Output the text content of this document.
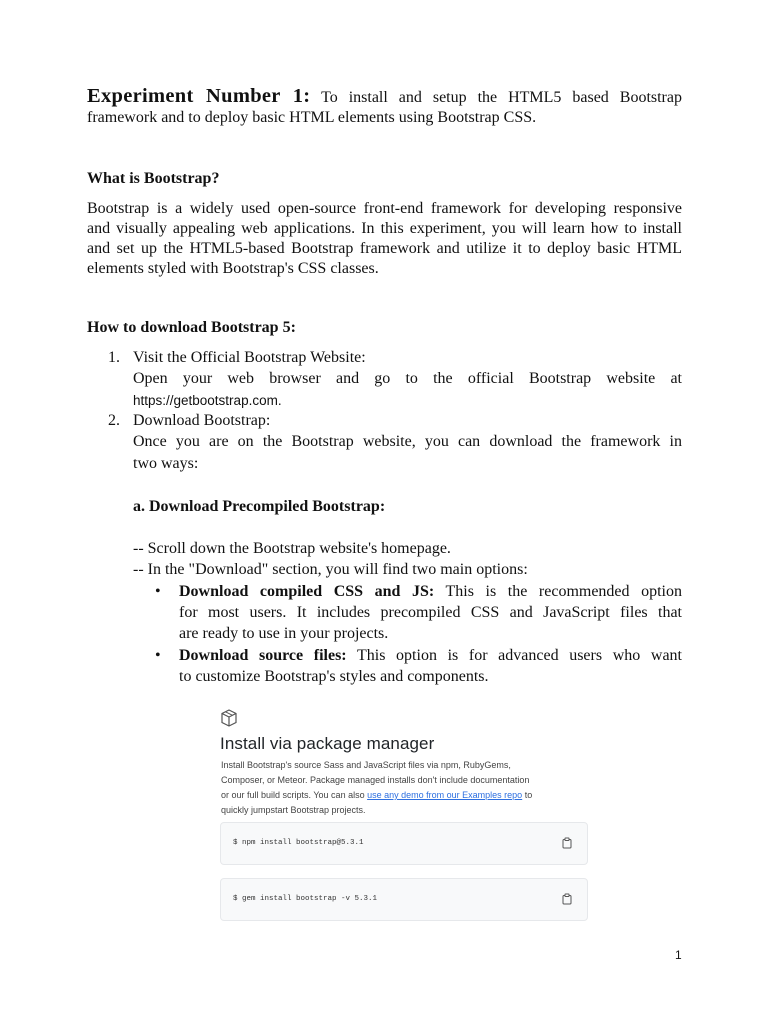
Experiment Number 1: To install and setup the HTML5 based Bootstrap
framework and to deploy basic HTML elements using Bootstrap CSS.
What is Bootstrap?
Bootstrap is a widely used open-source front-end framework for developing responsive
and visually appealing web applications. In this experiment, you will learn how to install
and set up the HTML5-based Bootstrap framework and utilize it to deploy basic HTML
elements styled with Bootstrap's CSS classes.
How to download Bootstrap 5:
1. Visit the Official Bootstrap Website:
Open your web browser and go to the official Bootstrap website at
https://getbootstrap.com.
2. Download Bootstrap:
Once you are on the Bootstrap website, you can download the framework in
two ways:
a. Download Precompiled Bootstrap:
-- Scroll down the Bootstrap website's homepage.
-- In the "Download" section, you will find two main options:
• Download compiled CSS and JS: This is the recommended option
for most users. It includes precompiled CSS and JavaScript files that
are ready to use in your projects.
• Download source files: This option is for advanced users who want
to customize Bootstrap's styles and components.
Install via package manager
Install Bootstrap's source Sass and JavaScript files via npm, RubyGems,
Composer, or Meteor. Package managed installs don't include documentation
or our full build scripts. You can also use any demo from our Examples repo to
quickly jumpstart Bootstrap projects.
$ npm install bootstrap@5.3.1
$ gem install bootstrap -v 5.3.1
1
